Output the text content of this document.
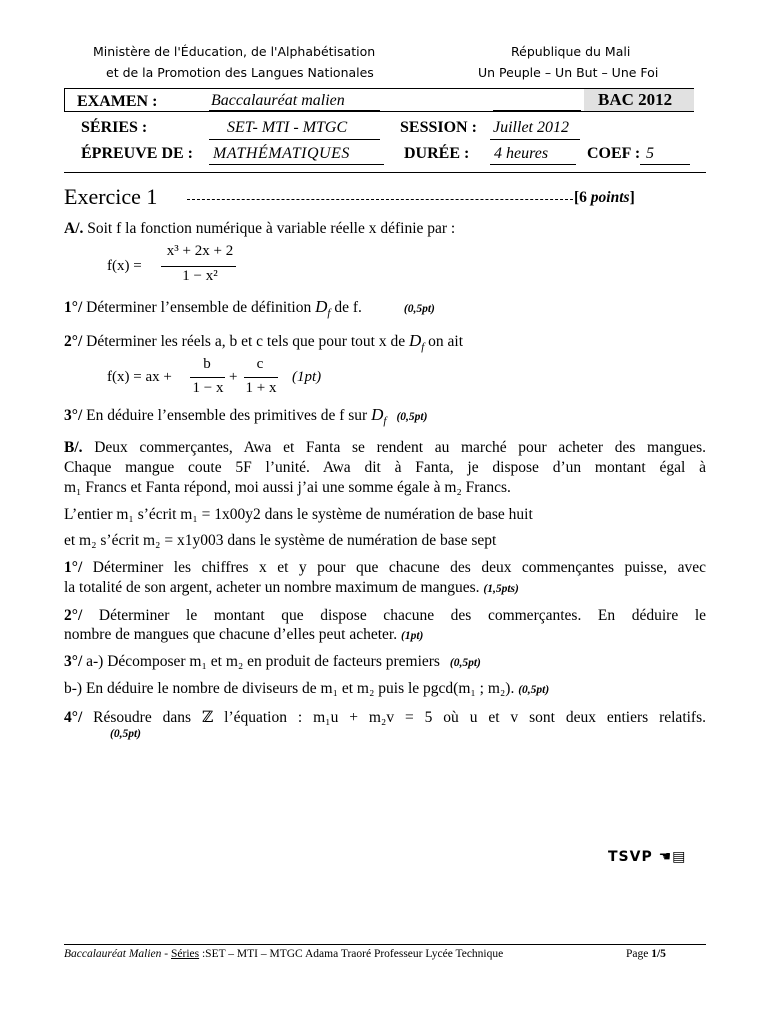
Ministère de l'Éducation, de l'Alphabétisation
et de la Promotion des Langues Nationales
République du Mali
Un Peuple – Un But – Une Foi
BAC 2012
EXAMEN :	Baccalauréat malien
SÉRIES :	SET- MTI - MTGC	SESSION : Juillet 2012
ÉPREUVE DE : MATHÉMATIQUES	DURÉE : 4 heures COEF : 5
Exercice 1	[6 points]
A/. Soit f la fonction numérique à variable réelle x définie par :
f(x) =
x³ + 2x + 2
1 − x²
1°/ Déterminer l’ensemble de définition $D_f$ de f.	(0,5pt)
2°/ Déterminer les réels a, b et c tels que pour tout x de $D_f$ on ait
f(x) = ax +
b
1 − x
+
c
1 + x
(1pt)
3°/ En déduire l’ensemble des primitives de f sur $D_f$ (0,5pt)
B/. Deux commerçantes, Awa et Fanta se rendent au marché pour acheter des mangues.
Chaque mangue coute 5F l’unité. Awa dit à Fanta, je dispose d’un montant égal à
m₁ Francs et Fanta répond, moi aussi j’ai une somme égale à m₂ Francs.
L’entier m₁ s’écrit m₁ = 1x00y2 dans le système de numération de base huit
et m₂ s’écrit m₂ = x1y003 dans le système de numération de base sept
1°/ Déterminer les chiffres x et y pour que chacune des deux commençantes puisse, avec
la totalité de son argent, acheter un nombre maximum de mangues. (1,5pts)
2°/ Déterminer le montant que dispose chacune des commerçantes. En déduire le
nombre de mangues que chacune d’elles peut acheter. (1pt)
3°/ a-) Décomposer m₁ et m₂ en produit de facteurs premiers (0,5pt)
b-) En déduire le nombre de diviseurs de m₁ et m₂ puis le pgcd(m₁ ; m₂). (0,5pt)
4°/ Résoudre dans ℤ l’équation : m₁u + m₂v = 5 où u et v sont deux entiers relatifs.
(0,5pt)
TSVP ☚▤
Baccalauréat Malien - Séries :SET – MTI – MTGC Adama Traoré Professeur Lycée Technique	Page 1/5
